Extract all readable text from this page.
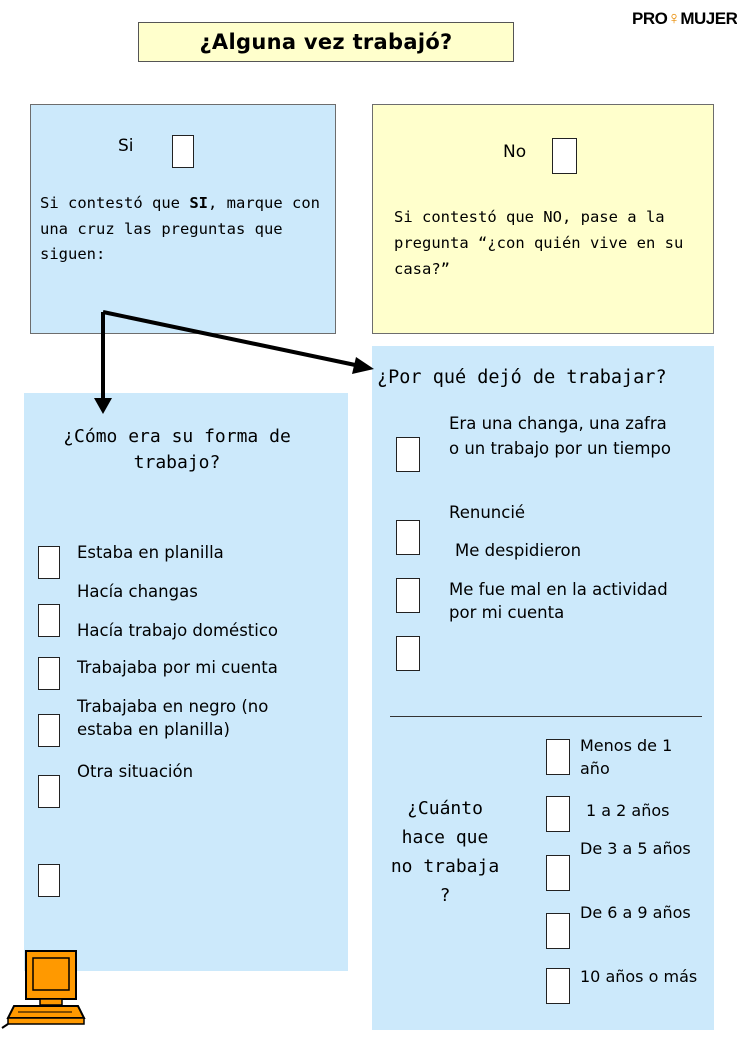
¿Alguna vez trabajó?
PRO♀MUJER
Si
Si contestó que SI, marque con una cruz las preguntas que siguen:
No
Si contestó que NO, pase a la pregunta “¿con quién vive en su casa?”
¿Cómo era su forma de trabajo?
Estaba en planilla
Hacía changas
Hacía trabajo doméstico
Trabajaba por mi cuenta
Trabajaba en negro (no estaba en planilla)
Otra situación
¿Por qué dejó de trabajar?
Era una changa, una zafra o un trabajo por un tiempo
Renuncié
Me despidieron
Me fue mal en la actividad por mi cuenta
¿Cuánto hace que no trabaja ?
Menos de 1 año
1 a 2 años
De 3 a 5 años
De 6 a 9 años
10 años o más
